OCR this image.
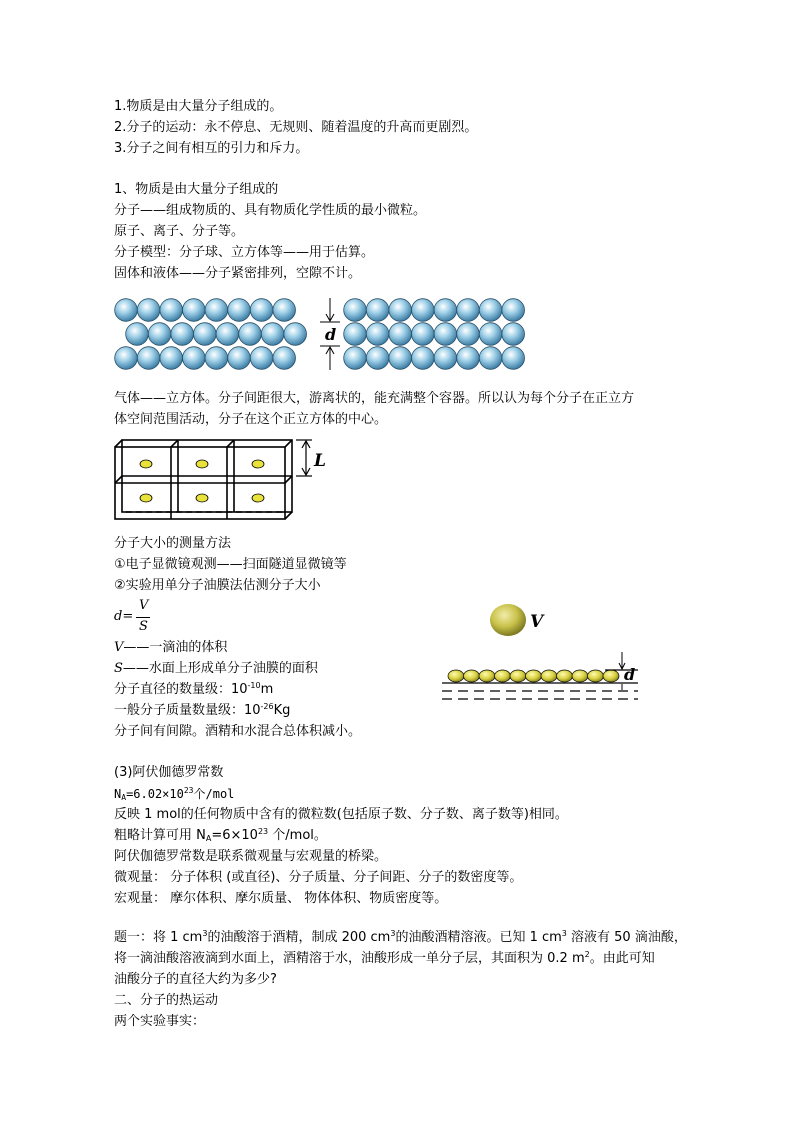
1.物质是由大量分子组成的。
2.分子的运动：永不停息、无规则、随着温度的升高而更剧烈。
3.分子之间有相互的引力和斥力。
1、物质是由大量分子组成的
分子——组成物质的、具有物质化学性质的最小微粒。
原子、离子、分子等。
分子模型：分子球、立方体等——用于估算。
固体和液体——分子紧密排列，空隙不计。
d
气体——立方体。分子间距很大，游离状的，能充满整个容器。所以认为每个分子在正立方
体空间范围活动，分子在这个正立方体的中心。
L
分子大小的测量方法
①电子显微镜观测——扫面隧道显微镜等
②实验用单分子油膜法估测分子大小
d=
V
S
V——一滴油的体积
S——水面上形成单分子油膜的面积
分子直径的数量级：$10^{-10}m$
一般分子质量数量级：$10^{-26}Kg$
分子间有间隙。酒精和水混合总体积减小。
V
d
(3)阿伏伽德罗常数
$N_A=6.02\times 10^{23}$个/mol
反映 1 mol的任何物质中含有的微粒数(包括原子数、分子数、离子数等)相同。
粗略计算可用 $N_A=6\times 10^{23}$ 个/mol。
阿伏伽德罗常数是联系微观量与宏观量的桥梁。
微观量： 分子体积 (或直径)、分子质量、分子间距、分子的数密度等。
宏观量： 摩尔体积、摩尔质量、 物体体积、物质密度等。
题一：将 1 $cm^3$的油酸溶于酒精，制成 200 $cm^3$的油酸酒精溶液。已知 1 $cm^3$ 溶液有 50 滴油酸，
将一滴油酸溶液滴到水面上，酒精溶于水，油酸形成一单分子层，其面积为 0.2 $m^2$。由此可知
油酸分子的直径大约为多少?
二、分子的热运动
两个实验事实：
